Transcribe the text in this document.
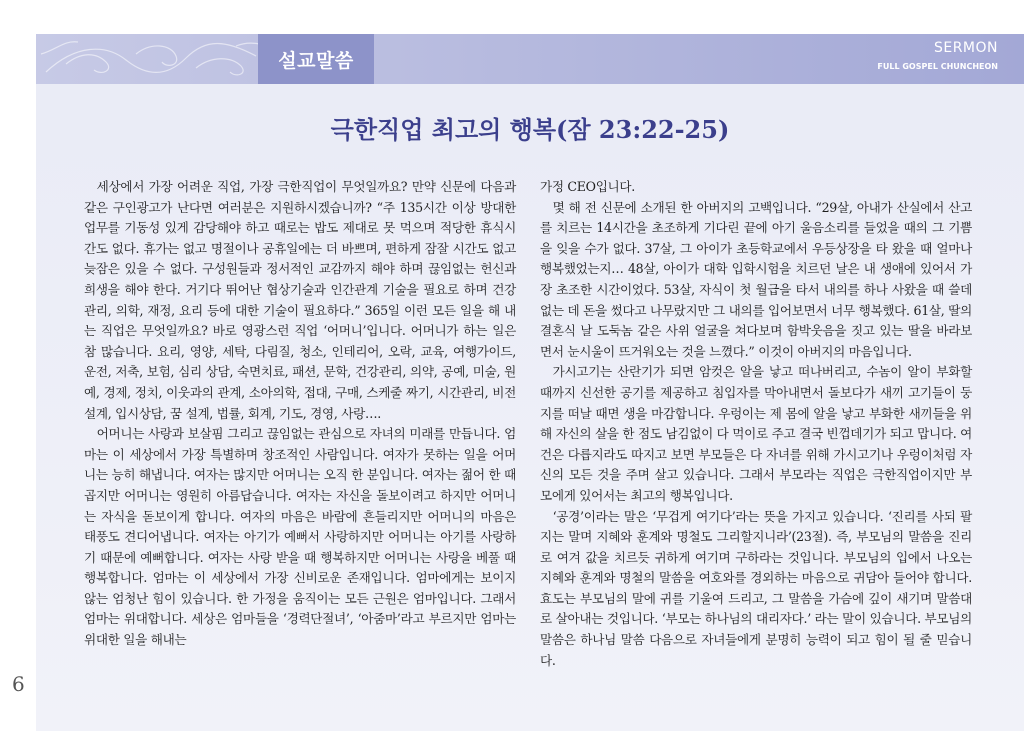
설교말씀
SERMON
FULL GOSPEL CHUNCHEON
극한직업 최고의 행복(잠 23:22-25)

세상에서 가장 어려운 직업, 가장 극한직업이 무엇일까요? 만약 신문에 다음과 같은 구인광고가 난다면 여러분은 지원하시겠습니까? “주 135시간 이상 방대한 업무를 기동성 있게 감당해야 하고 때로는 밥도 제대로 못 먹으며 적당한 휴식시간도 없다. 휴가는 없고 명절이나 공휴일에는 더 바쁘며, 편하게 잠잘 시간도 없고 늦잠은 있을 수 없다. 구성원들과 정서적인 교감까지 해야 하며 끊임없는 헌신과 희생을 해야 한다. 거기다 뛰어난 협상기술과 인간관계 기술을 필요로 하며 건강관리, 의학, 재정, 요리 등에 대한 기술이 필요하다.” 365일 이런 모든 일을 해 내는 직업은 무엇일까요? 바로 영광스런 직업 ‘어머니’입니다. 어머니가 하는 일은 참 많습니다. 요리, 영양, 세탁, 다림질, 청소, 인테리어, 오락, 교육, 여행가이드, 운전, 저축, 보험, 심리 상담, 숙면치료, 패션, 문학, 건강관리, 의약, 공예, 미술, 원예, 경제, 정치, 이웃과의 관계, 소아의학, 접대, 구매, 스케줄 짜기, 시간관리, 비전 설계, 입시상담, 꿈 설계, 법률, 회계, 기도, 경영, 사랑….

어머니는 사랑과 보살핌 그리고 끊임없는 관심으로 자녀의 미래를 만듭니다. 엄마는 이 세상에서 가장 특별하며 창조적인 사람입니다. 여자가 못하는 일을 어머니는 능히 해냅니다. 여자는 많지만 어머니는 오직 한 분입니다. 여자는 젊어 한 때 곱지만 어머니는 영원히 아름답습니다. 여자는 자신을 돌보이려고 하지만 어머니는 자식을 돋보이게 합니다. 여자의 마음은 바람에 흔들리지만 어머니의 마음은 태풍도 견디어냅니다. 여자는 아기가 예뻐서 사랑하지만 어머니는 아기를 사랑하기 때문에 예뻐합니다. 여자는 사랑 받을 때 행복하지만 어머니는 사랑을 베풀 때 행복합니다. 엄마는 이 세상에서 가장 신비로운 존재입니다. 엄마에게는 보이지 않는 엄청난 힘이 있습니다. 한 가정을 움직이는 모든 근원은 엄마입니다. 그래서 엄마는 위대합니다. 세상은 엄마들을 ‘경력단절녀’, ‘아줌마’라고 부르지만 엄마는 위대한 일을 해내는

가정 CEO입니다.

몇 해 전 신문에 소개된 한 아버지의 고백입니다. “29살, 아내가 산실에서 산고를 치르는 14시간을 초조하게 기다린 끝에 아기 울음소리를 들었을 때의 그 기쁨을 잊을 수가 없다. 37살, 그 아이가 초등학교에서 우등상장을 타 왔을 때 얼마나 행복했었는지… 48살, 아이가 대학 입학시험을 치르던 날은 내 생애에 있어서 가장 초조한 시간이었다. 53살, 자식이 첫 월급을 타서 내의를 하나 사왔을 때 쓸데없는 데 돈을 썼다고 나무랐지만 그 내의를 입어보면서 너무 행복했다. 61살, 딸의 결혼식 날 도둑놈 같은 사위 얼굴을 쳐다보며 함박웃음을 짓고 있는 딸을 바라보면서 눈시울이 뜨거워오는 것을 느꼈다.” 이것이 아버지의 마음입니다.

가시고기는 산란기가 되면 암컷은 알을 낳고 떠나버리고, 수놈이 알이 부화할 때까지 신선한 공기를 제공하고 침입자를 막아내면서 돌보다가 새끼 고기들이 둥지를 떠날 때면 생을 마감합니다. 우렁이는 제 몸에 알을 낳고 부화한 새끼들을 위해 자신의 살을 한 점도 남김없이 다 먹이로 주고 결국 빈껍데기가 되고 맙니다. 여건은 다릅지라도 따지고 보면 부모들은 다 자녀를 위해 가시고기나 우렁이처럼 자신의 모든 것을 주며 살고 있습니다. 그래서 부모라는 직업은 극한직업이지만 부모에게 있어서는 최고의 행복입니다.

‘공경’이라는 말은 ‘무겁게 여기다’라는 뜻을 가지고 있습니다. ‘진리를 사되 팔지는 말며 지혜와 훈계와 명철도 그리할지니라’(23절). 즉, 부모님의 말씀을 진리로 여겨 값을 치르듯 귀하게 여기며 구하라는 것입니다. 부모님의 입에서 나오는 지혜와 훈계와 명철의 말씀을 여호와를 경외하는 마음으로 귀담아 들어야 합니다. 효도는 부모님의 말에 귀를 기울여 드리고, 그 말씀을 가슴에 깊이 새기며 말씀대로 살아내는 것입니다. ‘부모는 하나님의 대리자다.’ 라는 말이 있습니다. 부모님의 말씀은 하나님 말씀 다음으로 자녀들에게 분명히 능력이 되고 힘이 될 줄 믿습니다.

6
